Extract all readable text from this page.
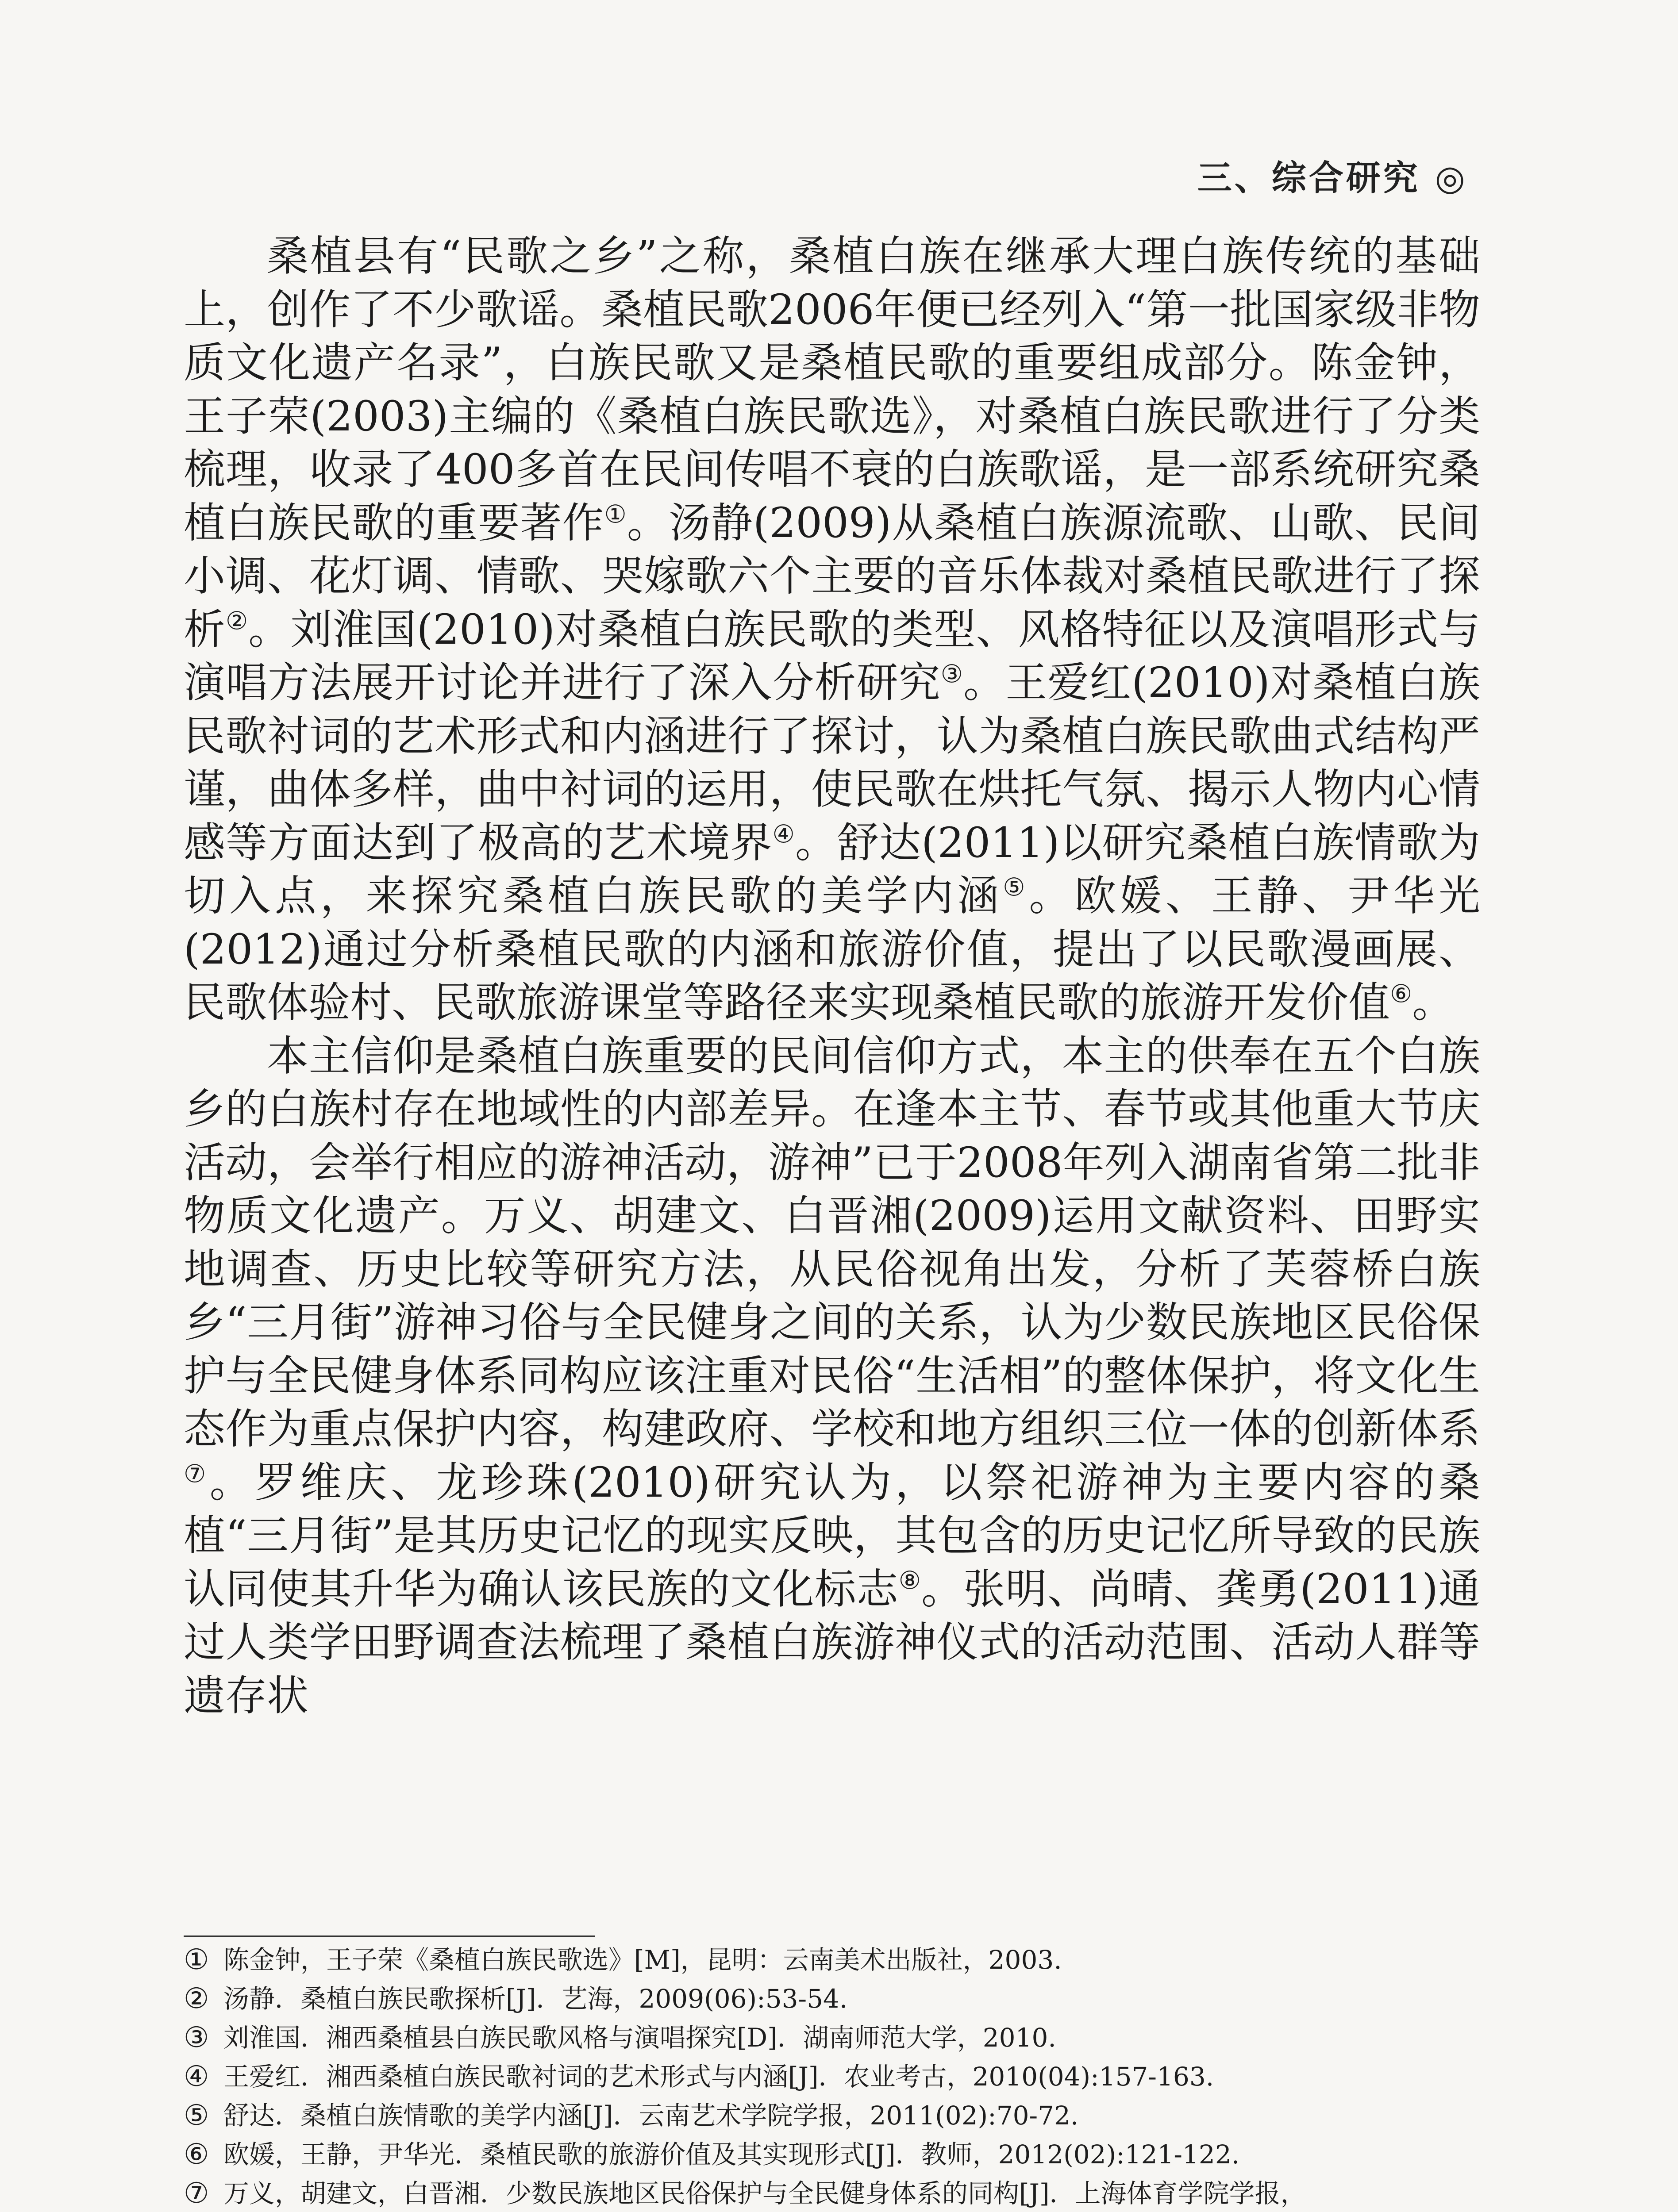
三、综合研究 ◎

桑植县有“民歌之乡”之称，桑植白族在继承大理白族传统的基础上，创作了不少歌谣。桑植民歌2006年便已经列入“第一批国家级非物质文化遗产名录”，白族民歌又是桑植民歌的重要组成部分。陈金钟，王子荣(2003)主编的《桑植白族民歌选》，对桑植白族民歌进行了分类梳理，收录了400多首在民间传唱不衰的白族歌谣，是一部系统研究桑植白族民歌的重要著作①。汤静(2009)从桑植白族源流歌、山歌、民间小调、花灯调、情歌、哭嫁歌六个主要的音乐体裁对桑植民歌进行了探析②。刘淮国(2010)对桑植白族民歌的类型、风格特征以及演唱形式与演唱方法展开讨论并进行了深入分析研究③。王爱红(2010)对桑植白族民歌衬词的艺术形式和内涵进行了探讨，认为桑植白族民歌曲式结构严谨，曲体多样，曲中衬词的运用，使民歌在烘托气氛、揭示人物内心情感等方面达到了极高的艺术境界④。舒达(2011)以研究桑植白族情歌为切入点，来探究桑植白族民歌的美学内涵⑤。欧媛、王静、尹华光(2012)通过分析桑植民歌的内涵和旅游价值，提出了以民歌漫画展、民歌体验村、民歌旅游课堂等路径来实现桑植民歌的旅游开发价值⑥。

本主信仰是桑植白族重要的民间信仰方式，本主的供奉在五个白族乡的白族村存在地域性的内部差异。在逢本主节、春节或其他重大节庆活动，会举行相应的游神活动，游神”已于2008年列入湖南省第二批非物质文化遗产。万义、胡建文、白晋湘(2009)运用文献资料、田野实地调查、历史比较等研究方法，从民俗视角出发，分析了芙蓉桥白族乡“三月街”游神习俗与全民健身之间的关系，认为少数民族地区民俗保护与全民健身体系同构应该注重对民俗“生活相”的整体保护，将文化生态作为重点保护内容，构建政府、学校和地方组织三位一体的创新体系⑦。罗维庆、龙珍珠(2010)研究认为，以祭祀游神为主要内容的桑植“三月街”是其历史记忆的现实反映，其包含的历史记忆所导致的民族认同使其升华为确认该民族的文化标志⑧。张明、尚晴、龚勇(2011)通过人类学田野调查法梳理了桑植白族游神仪式的活动范围、活动人群等遗存状

① 陈金钟，王子荣《桑植白族民歌选》[M]，昆明：云南美术出版社，2003.
② 汤静．桑植白族民歌探析[J]．艺海，2009(06):53-54.
③ 刘淮国．湘西桑植县白族民歌风格与演唱探究[D]．湖南师范大学，2010.
④ 王爱红．湘西桑植白族民歌衬词的艺术形式与内涵[J]．农业考古，2010(04):157-163.
⑤ 舒达．桑植白族情歌的美学内涵[J]．云南艺术学院学报，2011(02):70-72.
⑥ 欧媛，王静，尹华光．桑植民歌的旅游价值及其实现形式[J]．教师，2012(02):121-122.
⑦ 万义，胡建文，白晋湘．少数民族地区民俗保护与全民健身体系的同构[J]．上海体育学院学报，
